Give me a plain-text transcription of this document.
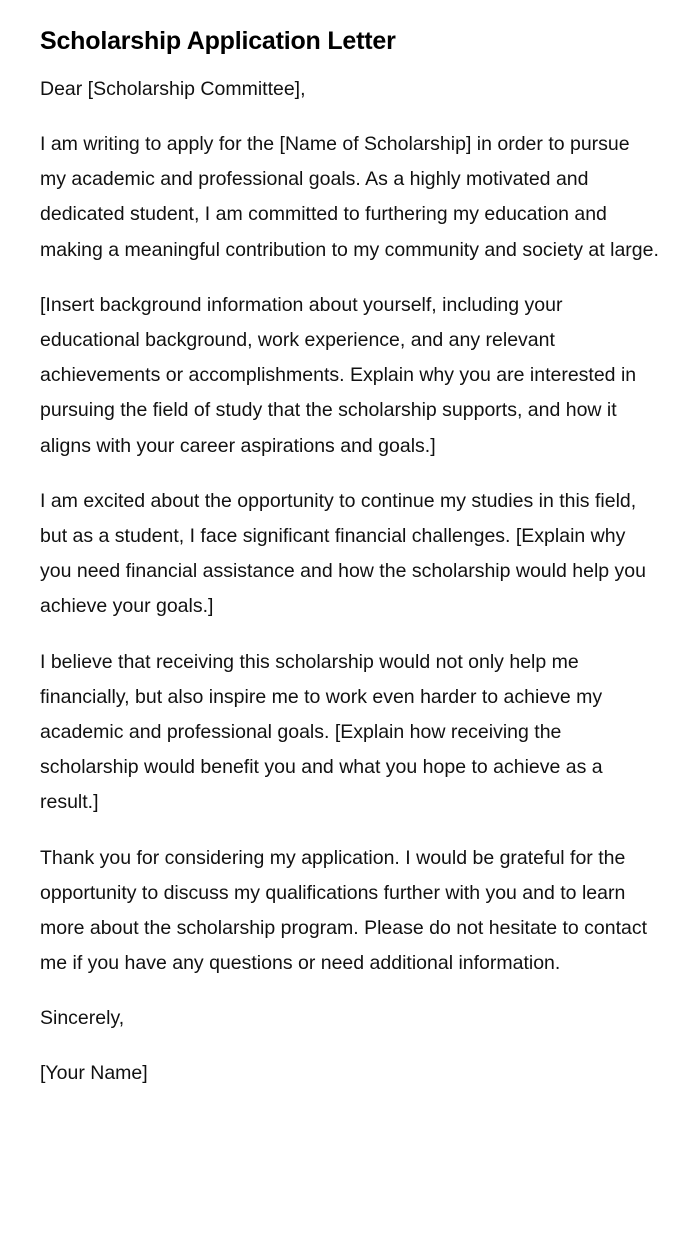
Scholarship Application Letter

Dear [Scholarship Committee],

I am writing to apply for the [Name of Scholarship] in order to pursue my academic and professional goals. As a highly motivated and dedicated student, I am committed to furthering my education and making a meaningful contribution to my community and society at large.

[Insert background information about yourself, including your educational background, work experience, and any relevant achievements or accomplishments. Explain why you are interested in pursuing the field of study that the scholarship supports, and how it aligns with your career aspirations and goals.]

I am excited about the opportunity to continue my studies in this field, but as a student, I face significant financial challenges. [Explain why you need financial assistance and how the scholarship would help you achieve your goals.]

I believe that receiving this scholarship would not only help me financially, but also inspire me to work even harder to achieve my academic and professional goals. [Explain how receiving the scholarship would benefit you and what you hope to achieve as a result.]

Thank you for considering my application. I would be grateful for the opportunity to discuss my qualifications further with you and to learn more about the scholarship program. Please do not hesitate to contact me if you have any questions or need additional information.

Sincerely,

[Your Name]
